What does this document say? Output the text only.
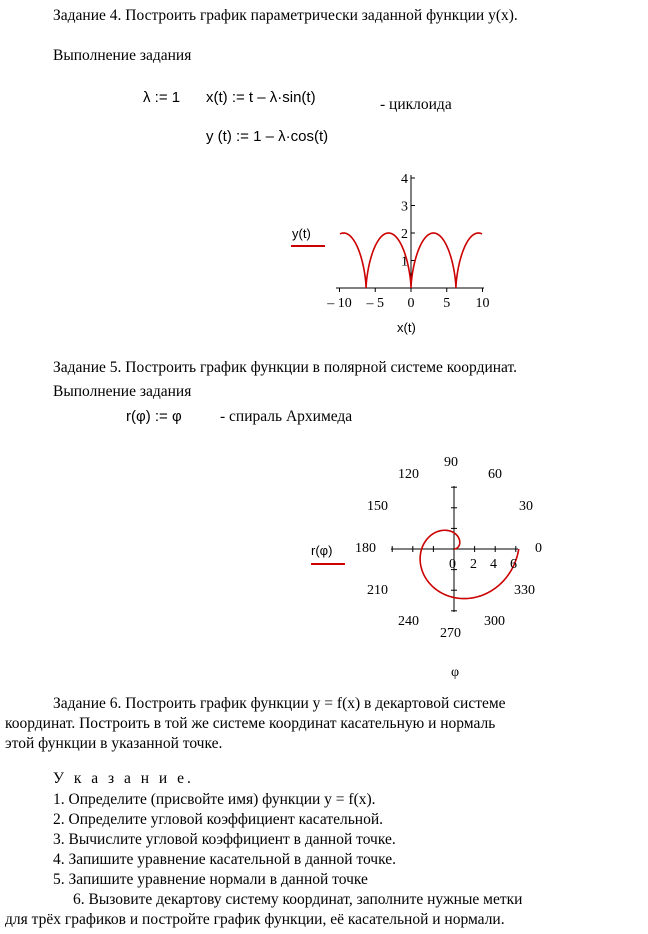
Задание 4. Построить график параметрически заданной функции y(x).
Выполнение задания
λ := 1 x(t) := t – λ·sin(t)	- циклоида
y (t) := 1 – λ·cos(t)
– 10 – 5 0 5 10
1
2
3
4
y(t)
x(t)
Задание 5. Построить график функции в полярной системе координат.
Выполнение задания
r(φ) := φ - спираль Архимеда
r(φ)
90
120	60
150	30
180	0
210	330
240	300
270
0 2 4 6
φ
Задание 6. Построить график функции y = f(x) в декартовой системе
координат. Построить в той же системе координат касательную и нормаль
этой функции в указанной точке.
У к а з а н и е.
1. Определите (присвойте имя) функции y = f(x).
2. Определите угловой коэффициент касательной.
3. Вычислите угловой коэффициент в данной точке.
4. Запишите уравнение касательной в данной точке.
5. Запишите уравнение нормали в данной точке
6. Вызовите декартову систему координат, заполните нужные метки
для трёх графиков и постройте график функции, её касательной и нормали.
